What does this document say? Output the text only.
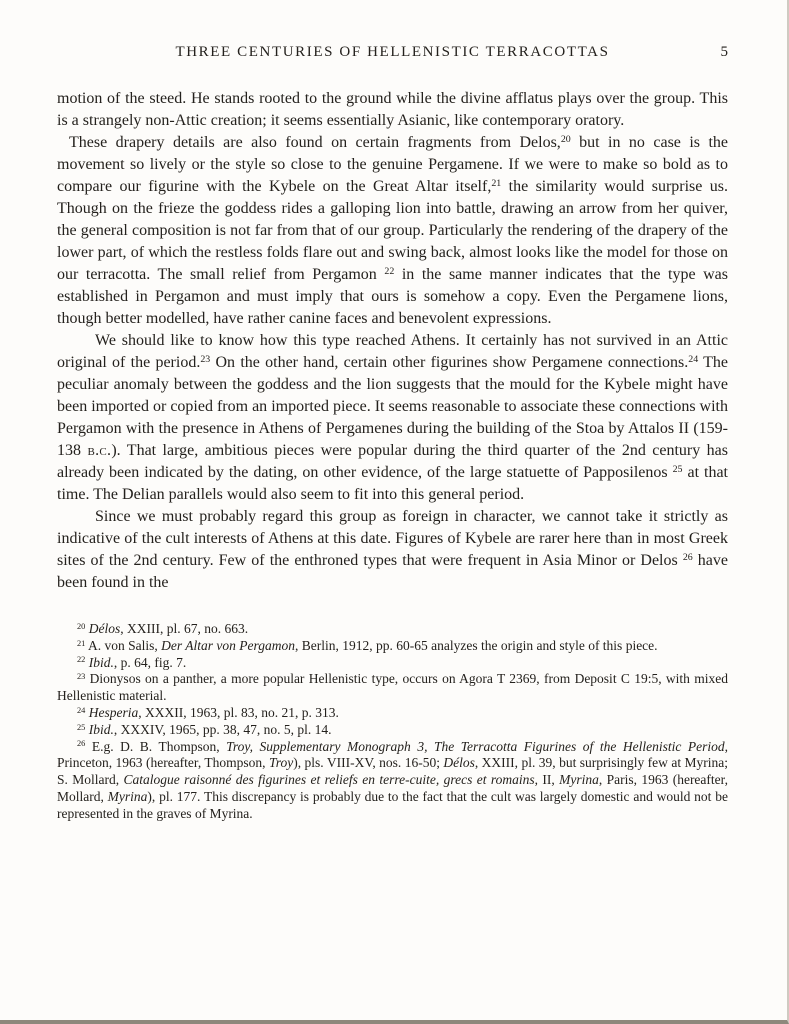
THREE CENTURIES OF HELLENISTIC TERRACOTTAS	5

motion of the steed. He stands rooted to the ground while the divine afflatus plays over the group. This is a strangely non-Attic creation; it seems essentially Asianic, like contemporary oratory.

These drapery details are also found on certain fragments from Delos,$^{20}$ but in no case is the movement so lively or the style so close to the genuine Pergamene. If we were to make so bold as to compare our figurine with the Kybele on the Great Altar itself,$^{21}$ the similarity would surprise us. Though on the frieze the goddess rides a galloping lion into battle, drawing an arrow from her quiver, the general composition is not far from that of our group. Particularly the rendering of the drapery of the lower part, of which the restless folds flare out and swing back, almost looks like the model for those on our terracotta. The small relief from Pergamon $^{22}$ in the same manner indicates that the type was established in Pergamon and must imply that ours is somehow a copy. Even the Pergamene lions, though better modelled, have rather canine faces and benevolent expressions.

We should like to know how this type reached Athens. It certainly has not survived in an Attic original of the period.$^{23}$ On the other hand, certain other figurines show Pergamene connections.$^{24}$ The peculiar anomaly between the goddess and the lion suggests that the mould for the Kybele might have been imported or copied from an imported piece. It seems reasonable to associate these connections with Pergamon with the presence in Athens of Pergamenes during the building of the Stoa by Attalos II (159-138 b.c.). That large, ambitious pieces were popular during the third quarter of the 2nd century has already been indicated by the dating, on other evidence, of the large statuette of Papposilenos $^{25}$ at that time. The Delian parallels would also seem to fit into this general period.

Since we must probably regard this group as foreign in character, we cannot take it strictly as indicative of the cult interests of Athens at this date. Figures of Kybele are rarer here than in most Greek sites of the 2nd century. Few of the enthroned types that were frequent in Asia Minor or Delos $^{26}$ have been found in the

$^{20}$ Délos, XXIII, pl. 67, no. 663.

$^{21}$ A. von Salis, Der Altar von Pergamon, Berlin, 1912, pp. 60-65 analyzes the origin and style of this piece.

$^{22}$ Ibid., p. 64, fig. 7.

$^{23}$ Dionysos on a panther, a more popular Hellenistic type, occurs on Agora T 2369, from Deposit C 19:5, with mixed Hellenistic material.

$^{24}$ Hesperia, XXXII, 1963, pl. 83, no. 21, p. 313.

$^{25}$ Ibid., XXXIV, 1965, pp. 38, 47, no. 5, pl. 14.

$^{26}$ E.g. D. B. Thompson, Troy, Supplementary Monograph 3, The Terracotta Figurines of the Hellenistic Period, Princeton, 1963 (hereafter, Thompson, Troy), pls. VIII-XV, nos. 16-50; Délos, XXIII, pl. 39, but surprisingly few at Myrina; S. Mollard, Catalogue raisonné des figurines et reliefs en terre-cuite, grecs et romains, II, Myrina, Paris, 1963 (hereafter, Mollard, Myrina), pl. 177. This discrepancy is probably due to the fact that the cult was largely domestic and would not be represented in the graves of Myrina.
